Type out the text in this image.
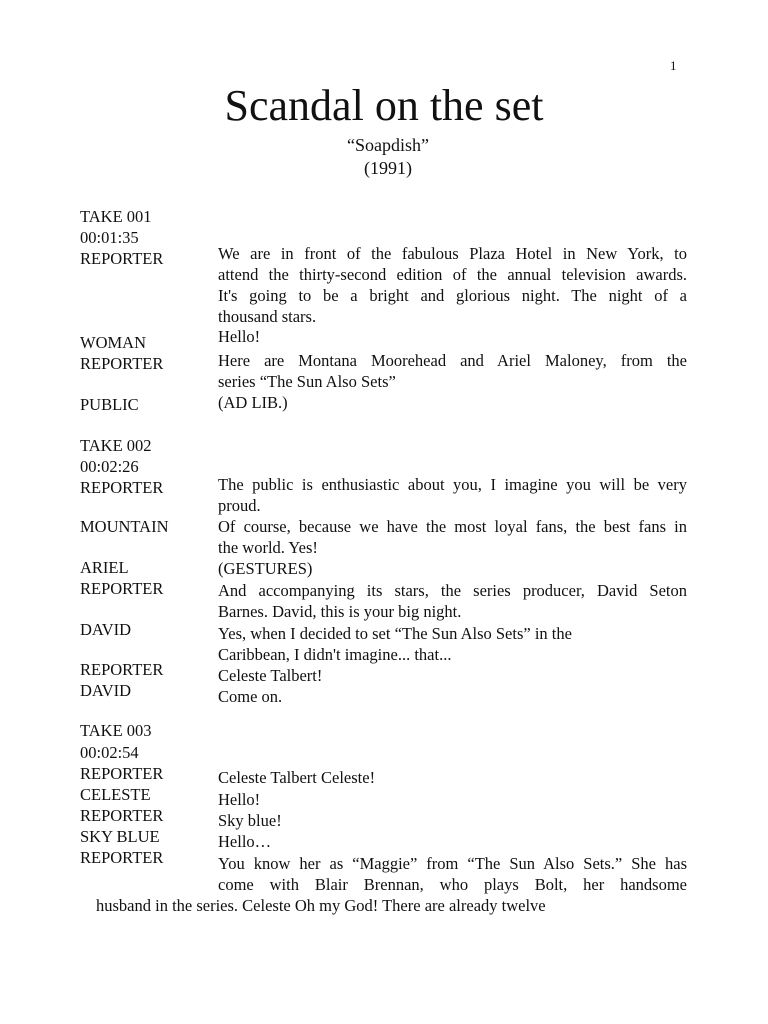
1
Scandal on the set
“Soapdish”
(1991)
TAKE 001
00:01:35
REPORTER
WOMAN
REPORTER
PUBLIC
TAKE 002
00:02:26
REPORTER
MOUNTAIN
ARIEL
REPORTER
DAVID
REPORTER
DAVID
TAKE 003
00:02:54
REPORTER
CELESTE
REPORTER
SKY BLUE
REPORTER
We are in front of the fabulous Plaza Hotel in New York, to
attend the thirty-second edition of the annual television awards.
It's going to be a bright and glorious night. The night of a
thousand stars.
Hello!
Here are Montana Moorehead and Ariel Maloney, from the
series “The Sun Also Sets”
(AD LIB.)
The public is enthusiastic about you, I imagine you will be very
proud.
Of course, because we have the most loyal fans, the best fans in
the world. Yes!
(GESTURES)
And accompanying its stars, the series producer, David Seton
Barnes. David, this is your big night.
Yes, when I decided to set “The Sun Also Sets” in the
Caribbean, I didn't imagine... that...
Celeste Talbert!
Come on.
Celeste Talbert Celeste!
Hello!
Sky blue!
Hello…
You know her as “Maggie” from “The Sun Also Sets.” She has
come with Blair Brennan, who plays Bolt, her handsome
husband in the series. Celeste Oh my God! There are already twelve
